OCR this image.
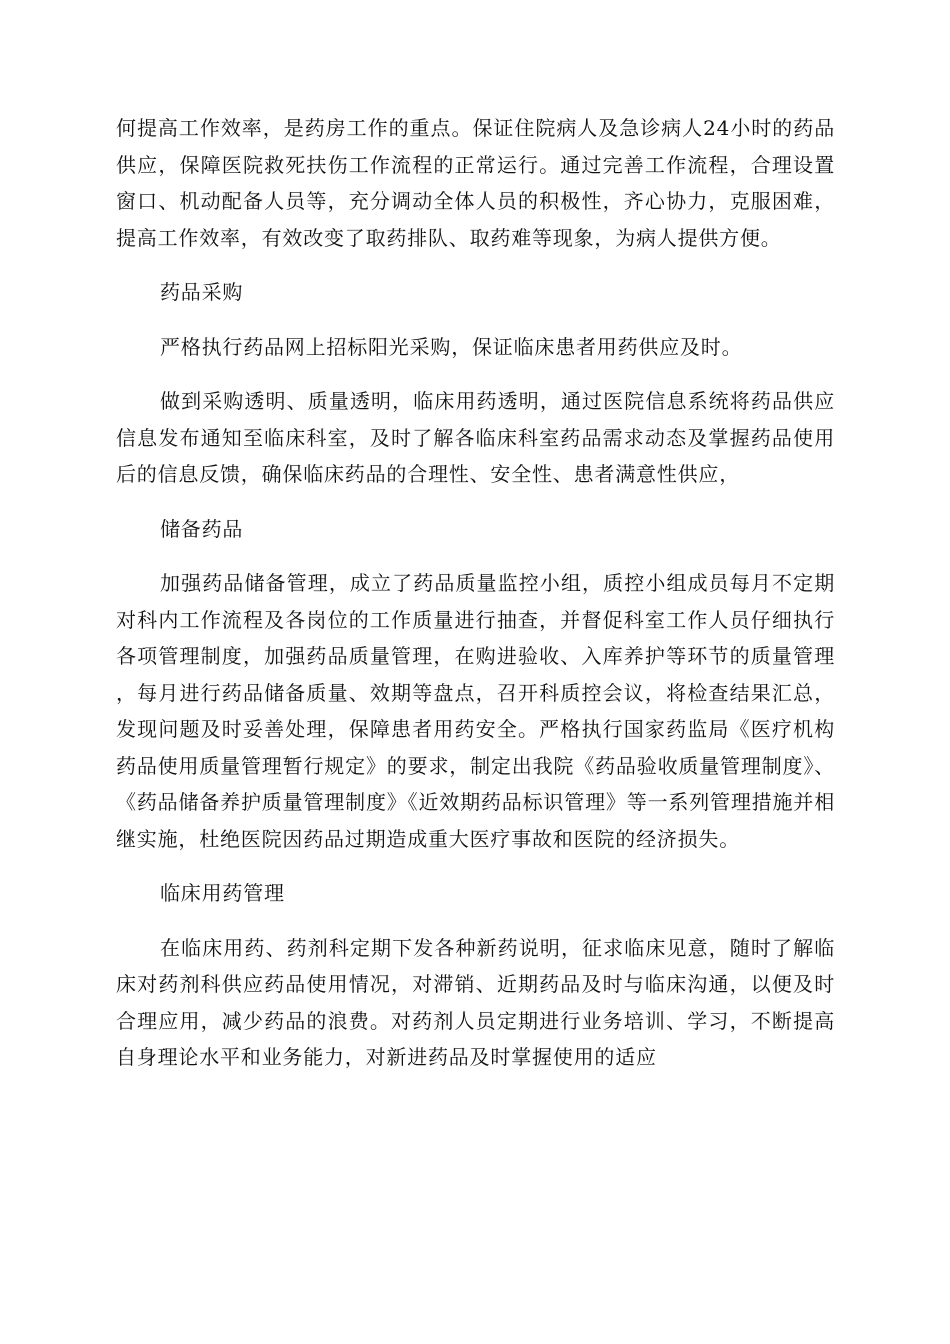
何提高工作效率，是药房工作的重点。保证住院病人及急诊病人24小时的药品供应，保障医院救死扶伤工作流程的正常运行。通过完善工作流程，合理设置窗口、机动配备人员等，充分调动全体人员的积极性，齐心协力，克服困难，提高工作效率，有效改变了取药排队、取药难等现象，为病人提供方便。

药品采购

严格执行药品网上招标阳光采购，保证临床患者用药供应及时。

做到采购透明、质量透明，临床用药透明，通过医院信息系统将药品供应信息发布通知至临床科室，及时了解各临床科室药品需求动态及掌握药品使用后的信息反馈，确保临床药品的合理性、安全性、患者满意性供应，

储备药品

加强药品储备管理，成立了药品质量监控小组，质控小组成员每月不定期对科内工作流程及各岗位的工作质量进行抽查，并督促科室工作人员仔细执行各项管理制度，加强药品质量管理，在购进验收、入库养护等环节的质量管理，每月进行药品储备质量、效期等盘点，召开科质控会议，将检查结果汇总，发现问题及时妥善处理，保障患者用药安全。严格执行国家药监局《医疗机构药品使用质量管理暂行规定》的要求，制定出我院《药品验收质量管理制度》、《药品储备养护质量管理制度》《近效期药品标识管理》等一系列管理措施并相继实施，杜绝医院因药品过期造成重大医疗事故和医院的经济损失。

临床用药管理

在临床用药、药剂科定期下发各种新药说明，征求临床见意，随时了解临床对药剂科供应药品使用情况，对滞销、近期药品及时与临床沟通，以便及时合理应用，减少药品的浪费。对药剂人员定期进行业务培训、学习，不断提高自身理论水平和业务能力，对新进药品及时掌握使用的适应
